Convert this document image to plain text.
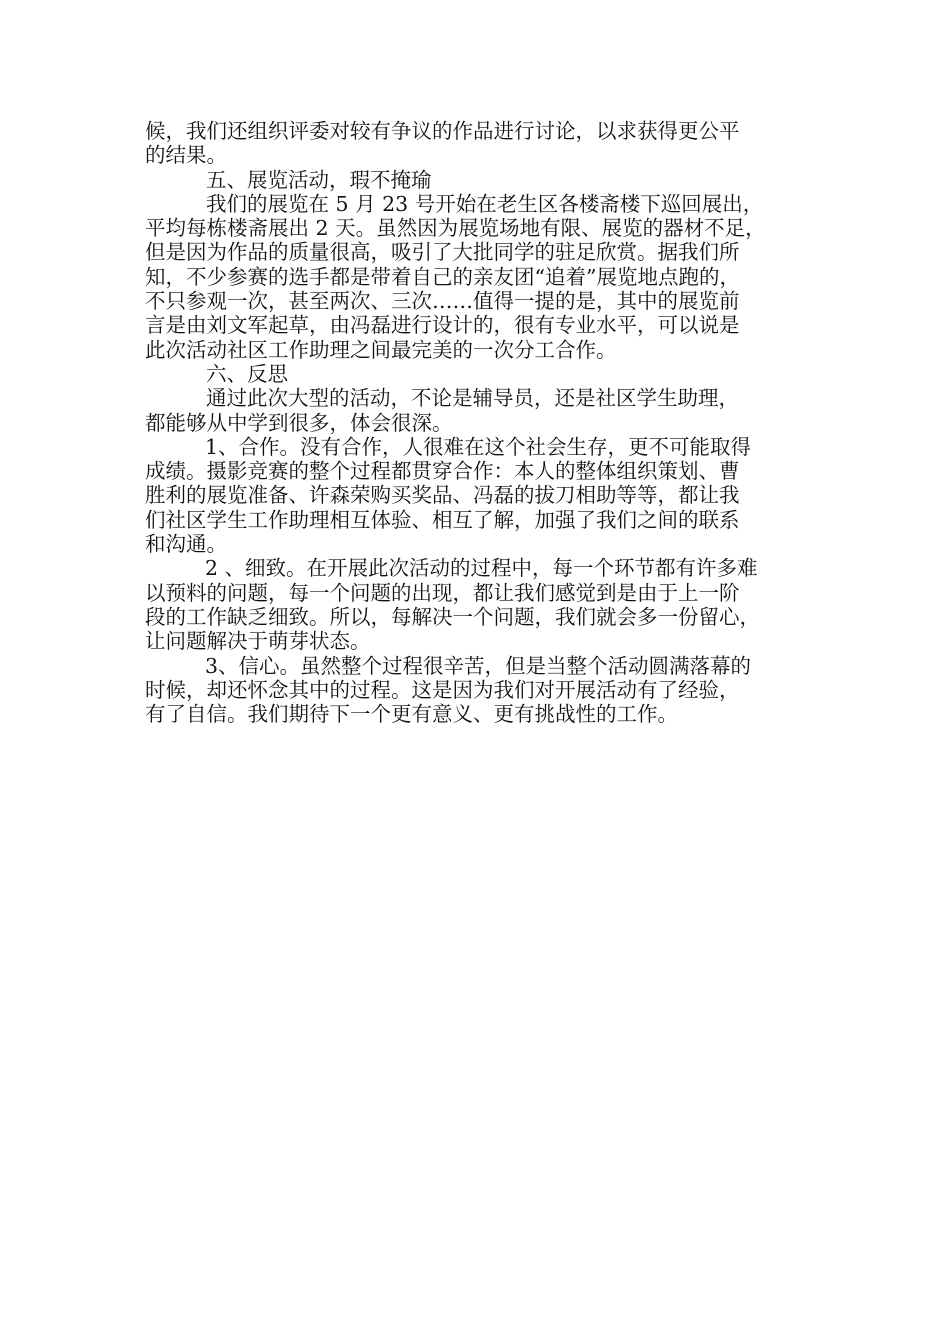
候，我们还组织评委对较有争议的作品进行讨论，以求获得更公平
的结果。
五、展览活动，瑕不掩瑜
我们的展览在 5 月 23 号开始在老生区各楼斋楼下巡回展出，
平均每栋楼斋展出 2 天。虽然因为展览场地有限、展览的器材不足，
但是因为作品的质量很高，吸引了大批同学的驻足欣赏。据我们所
知，不少参赛的选手都是带着自己的亲友团“追着”展览地点跑的，
不只参观一次，甚至两次、三次……值得一提的是，其中的展览前
言是由刘文军起草，由冯磊进行设计的，很有专业水平，可以说是
此次活动社区工作助理之间最完美的一次分工合作。
六、反思
通过此次大型的活动，不论是辅导员，还是社区学生助理，
都能够从中学到很多，体会很深。
1、合作。没有合作，人很难在这个社会生存，更不可能取得
成绩。摄影竞赛的整个过程都贯穿合作：本人的整体组织策划、曹
胜利的展览准备、许森荣购买奖品、冯磊的拔刀相助等等，都让我
们社区学生工作助理相互体验、相互了解，加强了我们之间的联系
和沟通。
2 、细致。在开展此次活动的过程中，每一个环节都有许多难
以预料的问题，每一个问题的出现，都让我们感觉到是由于上一阶
段的工作缺乏细致。所以，每解决一个问题，我们就会多一份留心，
让问题解决于萌芽状态。
3、信心。虽然整个过程很辛苦，但是当整个活动圆满落幕的
时候，却还怀念其中的过程。这是因为我们对开展活动有了经验，
有了自信。我们期待下一个更有意义、更有挑战性的工作。
